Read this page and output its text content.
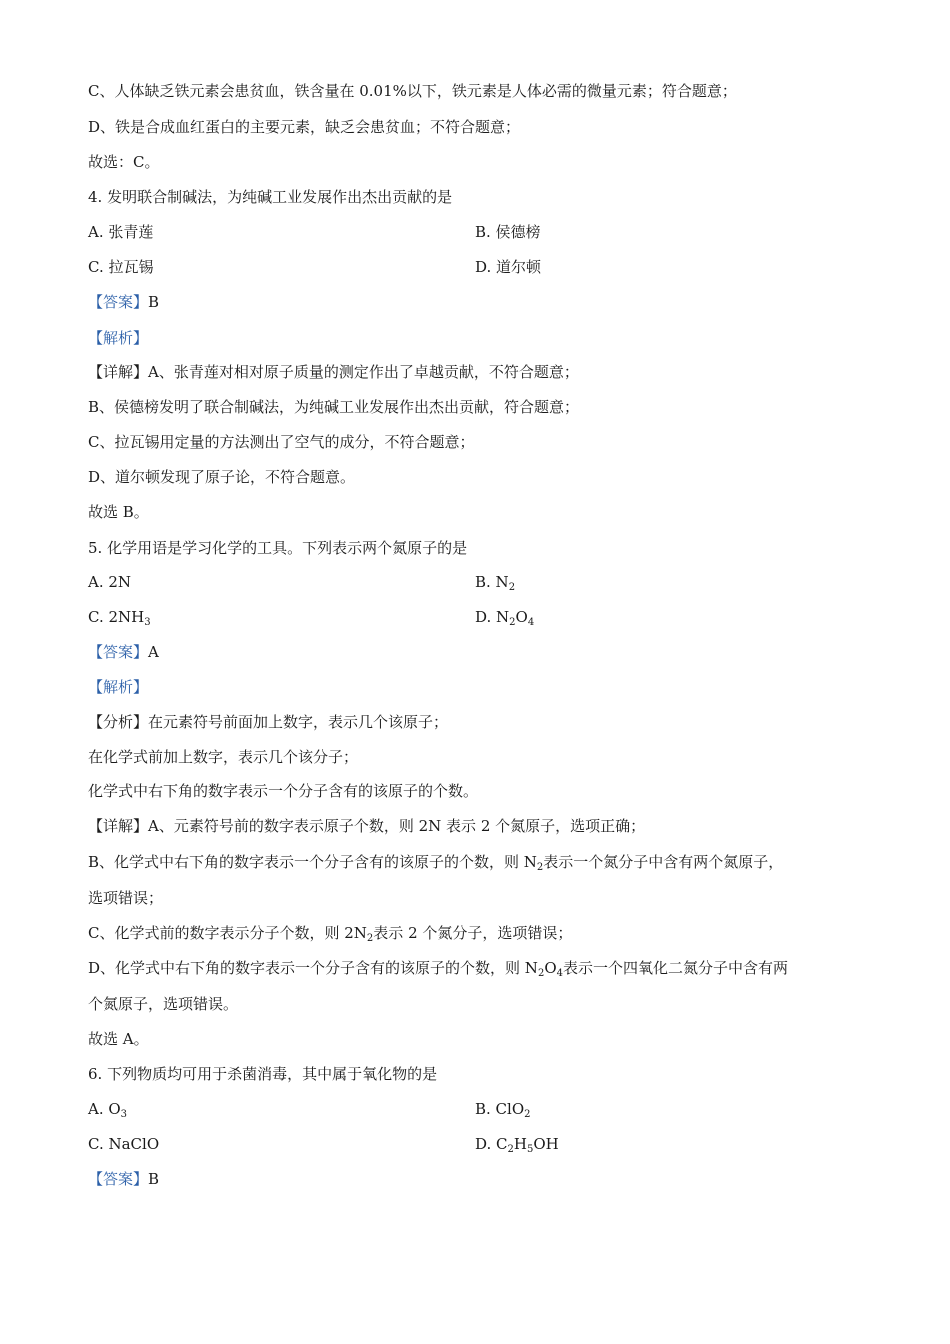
C、人体缺乏铁元素会患贫血，铁含量在 0.01%以下，铁元素是人体必需的微量元素；符合题意；
D、铁是合成血红蛋白的主要元素，缺乏会患贫血；不符合题意；
故选：C。
4. 发明联合制碱法，为纯碱工业发展作出杰出贡献的是
A. 张青莲	B. 侯德榜
C. 拉瓦锡	D. 道尔顿
【答案】B
【解析】
【详解】A、张青莲对相对原子质量的测定作出了卓越贡献，不符合题意；
B、侯德榜发明了联合制碱法，为纯碱工业发展作出杰出贡献，符合题意；
C、拉瓦锡用定量的方法测出了空气的成分，不符合题意；
D、道尔顿发现了原子论，不符合题意。
故选 B。
5. 化学用语是学习化学的工具。下列表示两个氮原子的是
A. 2N	B. $N_2$
C. $2NH_3$	D. $N_2O_4$
【答案】A
【解析】
【分析】在元素符号前面加上数字，表示几个该原子；
在化学式前加上数字，表示几个该分子；
化学式中右下角的数字表示一个分子含有的该原子的个数。
【详解】A、元素符号前的数字表示原子个数，则 2N 表示 2 个氮原子，选项正确；
B、化学式中右下角的数字表示一个分子含有的该原子的个数，则 $N_2$表示一个氮分子中含有两个氮原子，
选项错误；
C、化学式前的数字表示分子个数，则 $2N_2$表示 2 个氮分子，选项错误；
D、化学式中右下角的数字表示一个分子含有的该原子的个数，则 $N_2O_4$表示一个四氧化二氮分子中含有两
个氮原子，选项错误。
故选 A。
6. 下列物质均可用于杀菌消毒，其中属于氧化物的是
A. $O_3$	B. ClO$_2$
C. NaClO	D. $C_2H_5OH$
【答案】B
